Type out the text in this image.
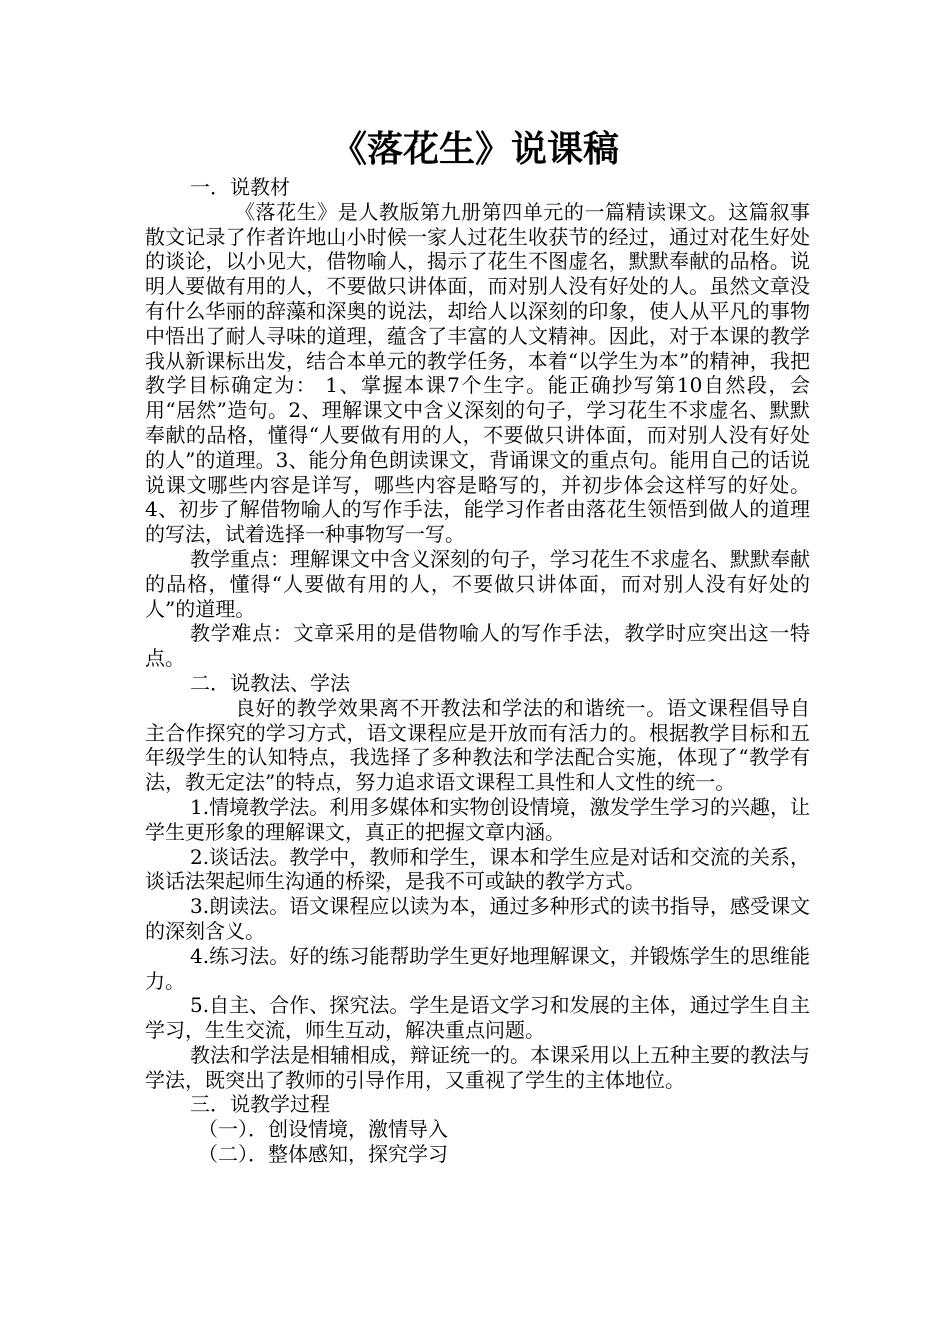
《落花生》说课稿

一．说教材

《落花生》是人教版第九册第四单元的一篇精读课文。这篇叙事散文记录了作者许地山小时候一家人过花生收获节的经过，通过对花生好处的谈论，以小见大，借物喻人，揭示了花生不图虚名，默默奉献的品格。说明人要做有用的人，不要做只讲体面，而对别人没有好处的人。虽然文章没有什么华丽的辞藻和深奥的说法，却给人以深刻的印象，使人从平凡的事物中悟出了耐人寻味的道理，蕴含了丰富的人文精神。因此，对于本课的教学我从新课标出发，结合本单元的教学任务，本着“以学生为本”的精神，我把教学目标确定为： 1、掌握本课7个生字。能正确抄写第10自然段，会用“居然”造句。2、理解课文中含义深刻的句子，学习花生不求虚名、默默奉献的品格，懂得“人要做有用的人，不要做只讲体面，而对别人没有好处的人”的道理。3、能分角色朗读课文，背诵课文的重点句。能用自己的话说说课文哪些内容是详写，哪些内容是略写的，并初步体会这样写的好处。4、初步了解借物喻人的写作手法，能学习作者由落花生领悟到做人的道理的写法，试着选择一种事物写一写。

教学重点：理解课文中含义深刻的句子，学习花生不求虚名、默默奉献的品格，懂得“人要做有用的人，不要做只讲体面，而对别人没有好处的人”的道理。

教学难点：文章采用的是借物喻人的写作手法，教学时应突出这一特点。

二．说教法、学法

良好的教学效果离不开教法和学法的和谐统一。语文课程倡导自主合作探究的学习方式，语文课程应是开放而有活力的。根据教学目标和五年级学生的认知特点，我选择了多种教法和学法配合实施，体现了“教学有法，教无定法”的特点，努力追求语文课程工具性和人文性的统一。

1.情境教学法。利用多媒体和实物创设情境，激发学生学习的兴趣，让学生更形象的理解课文，真正的把握文章内涵。

2.谈话法。教学中，教师和学生，课本和学生应是对话和交流的关系，谈话法架起师生沟通的桥梁，是我不可或缺的教学方式。

3.朗读法。语文课程应以读为本，通过多种形式的读书指导，感受课文的深刻含义。

4.练习法。好的练习能帮助学生更好地理解课文，并锻炼学生的思维能力。

5.自主、合作、探究法。学生是语文学习和发展的主体，通过学生自主学习，生生交流，师生互动，解决重点问题。

教法和学法是相辅相成，辩证统一的。本课采用以上五种主要的教法与学法，既突出了教师的引导作用，又重视了学生的主体地位。

三．说教学过程

（一）．创设情境，激情导入

（二）．整体感知，探究学习
